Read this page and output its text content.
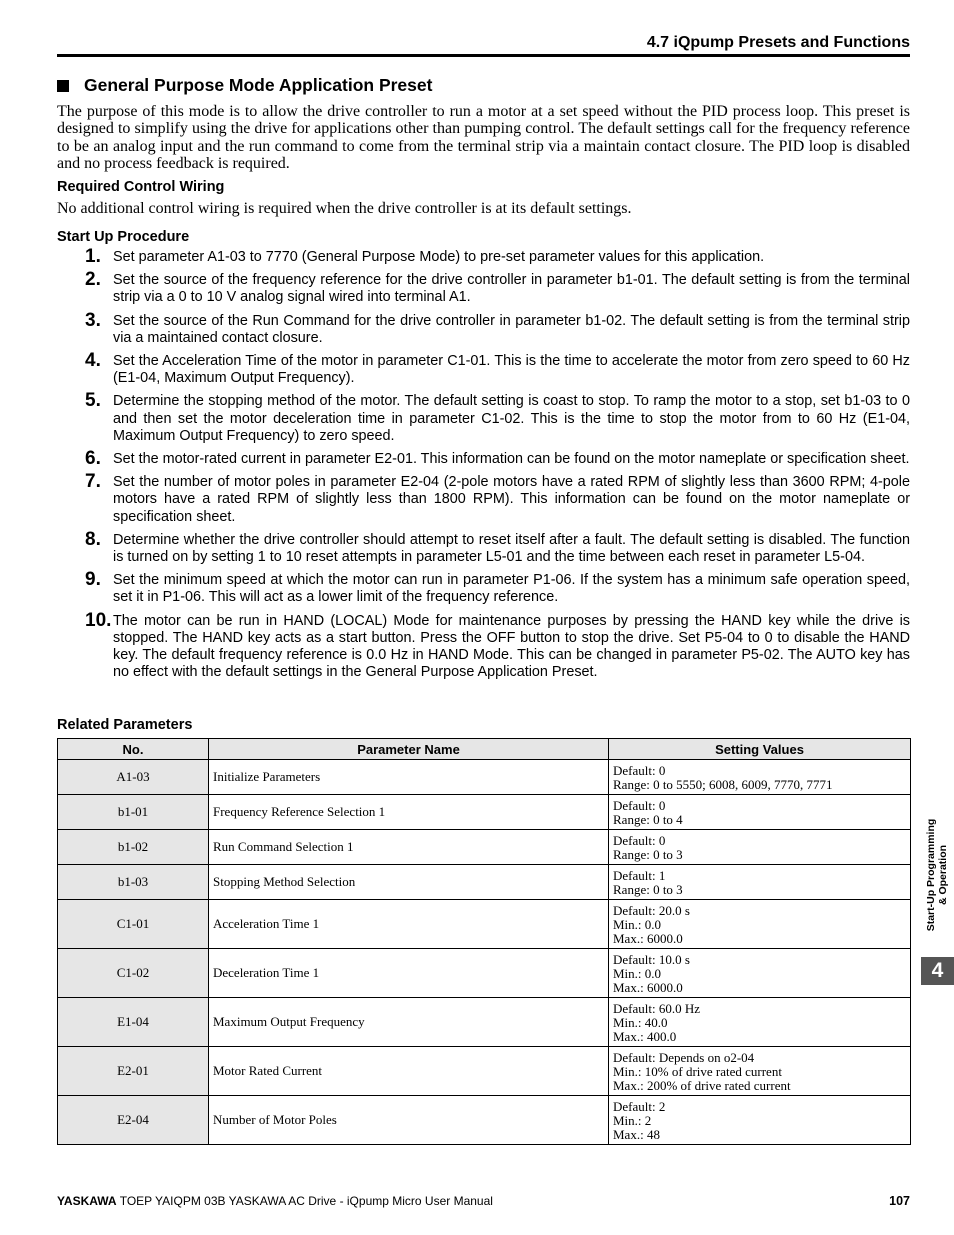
4.7 iQpump Presets and Functions
General Purpose Mode Application Preset

The purpose of this mode is to allow the drive controller to run a motor at a set speed without the PID process loop. This preset is designed to simplify using the drive for applications other than pumping control. The default settings call for the frequency reference to be an analog input and the run command to come from the terminal strip via a maintain contact closure. The PID loop is disabled and no process feedback is required.

Required Control Wiring

No additional control wiring is required when the drive controller is at its default settings.

Start Up Procedure
1. Set parameter A1-03 to 7770 (General Purpose Mode) to pre-set parameter values for this application.
2. Set the source of the frequency reference for the drive controller in parameter b1-01. The default setting is from the terminal strip via a 0 to 10 V analog signal wired into terminal A1.
3. Set the source of the Run Command for the drive controller in parameter b1-02. The default setting is from the terminal strip via a maintained contact closure.
4. Set the Acceleration Time of the motor in parameter C1-01. This is the time to accelerate the motor from zero speed to 60 Hz (E1-04, Maximum Output Frequency).
5. Determine the stopping method of the motor. The default setting is coast to stop. To ramp the motor to a stop, set b1-03 to 0 and then set the motor deceleration time in parameter C1-02. This is the time to stop the motor from to 60 Hz (E1-04, Maximum Output Frequency) to zero speed.
6. Set the motor-rated current in parameter E2-01. This information can be found on the motor nameplate or specification sheet.
7. Set the number of motor poles in parameter E2-04 (2-pole motors have a rated RPM of slightly less than 3600 RPM; 4-pole motors have a rated RPM of slightly less than 1800 RPM). This information can be found on the motor nameplate or specification sheet.
8. Determine whether the drive controller should attempt to reset itself after a fault. The default setting is disabled. The function is turned on by setting 1 to 10 reset attempts in parameter L5-01 and the time between each reset in parameter L5-04.
9. Set the minimum speed at which the motor can run in parameter P1-06. If the system has a minimum safe operation speed, set it in P1-06. This will act as a lower limit of the frequency reference.
10. The motor can be run in HAND (LOCAL) Mode for maintenance purposes by pressing the HAND key while the drive is stopped. The HAND key acts as a start button. Press the OFF button to stop the drive. Set P5-04 to 0 to disable the HAND key. The default frequency reference is 0.0 Hz in HAND Mode. This can be changed in parameter P5-02. The AUTO key has no effect with the default settings in the General Purpose Application Preset.
Related Parameters
No.	Parameter Name	Setting Values
A1-03	Initialize Parameters	Default: 0
Range: 0 to 5550; 6008, 6009, 7770, 7771

b1-01	Frequency Reference Selection 1	Default: 0
Range: 0 to 4

b1-02	Run Command Selection 1	Default: 0
Range: 0 to 3

b1-03	Stopping Method Selection	Default: 1
Range: 0 to 3

C1-01	Acceleration Time 1	Default: 20.0 s
Min.: 0.0
Max.: 6000.0

C1-02	Deceleration Time 1	Default: 10.0 s
Min.: 0.0
Max.: 6000.0

E1-04	Maximum Output Frequency	Default: 60.0 Hz
Min.: 40.0
Max.: 400.0

E2-01	Motor Rated Current	Default: Depends on o2-04
Min.: 10% of drive rated current
Max.: 200% of drive rated current

E2-04	Number of Motor Poles	Default: 2
Min.: 2
Max.: 48
Start-Up Programming & Operation
4
YASKAWA TOEP YAIQPM 03B YASKAWA AC Drive - iQpump Micro User Manual	107
